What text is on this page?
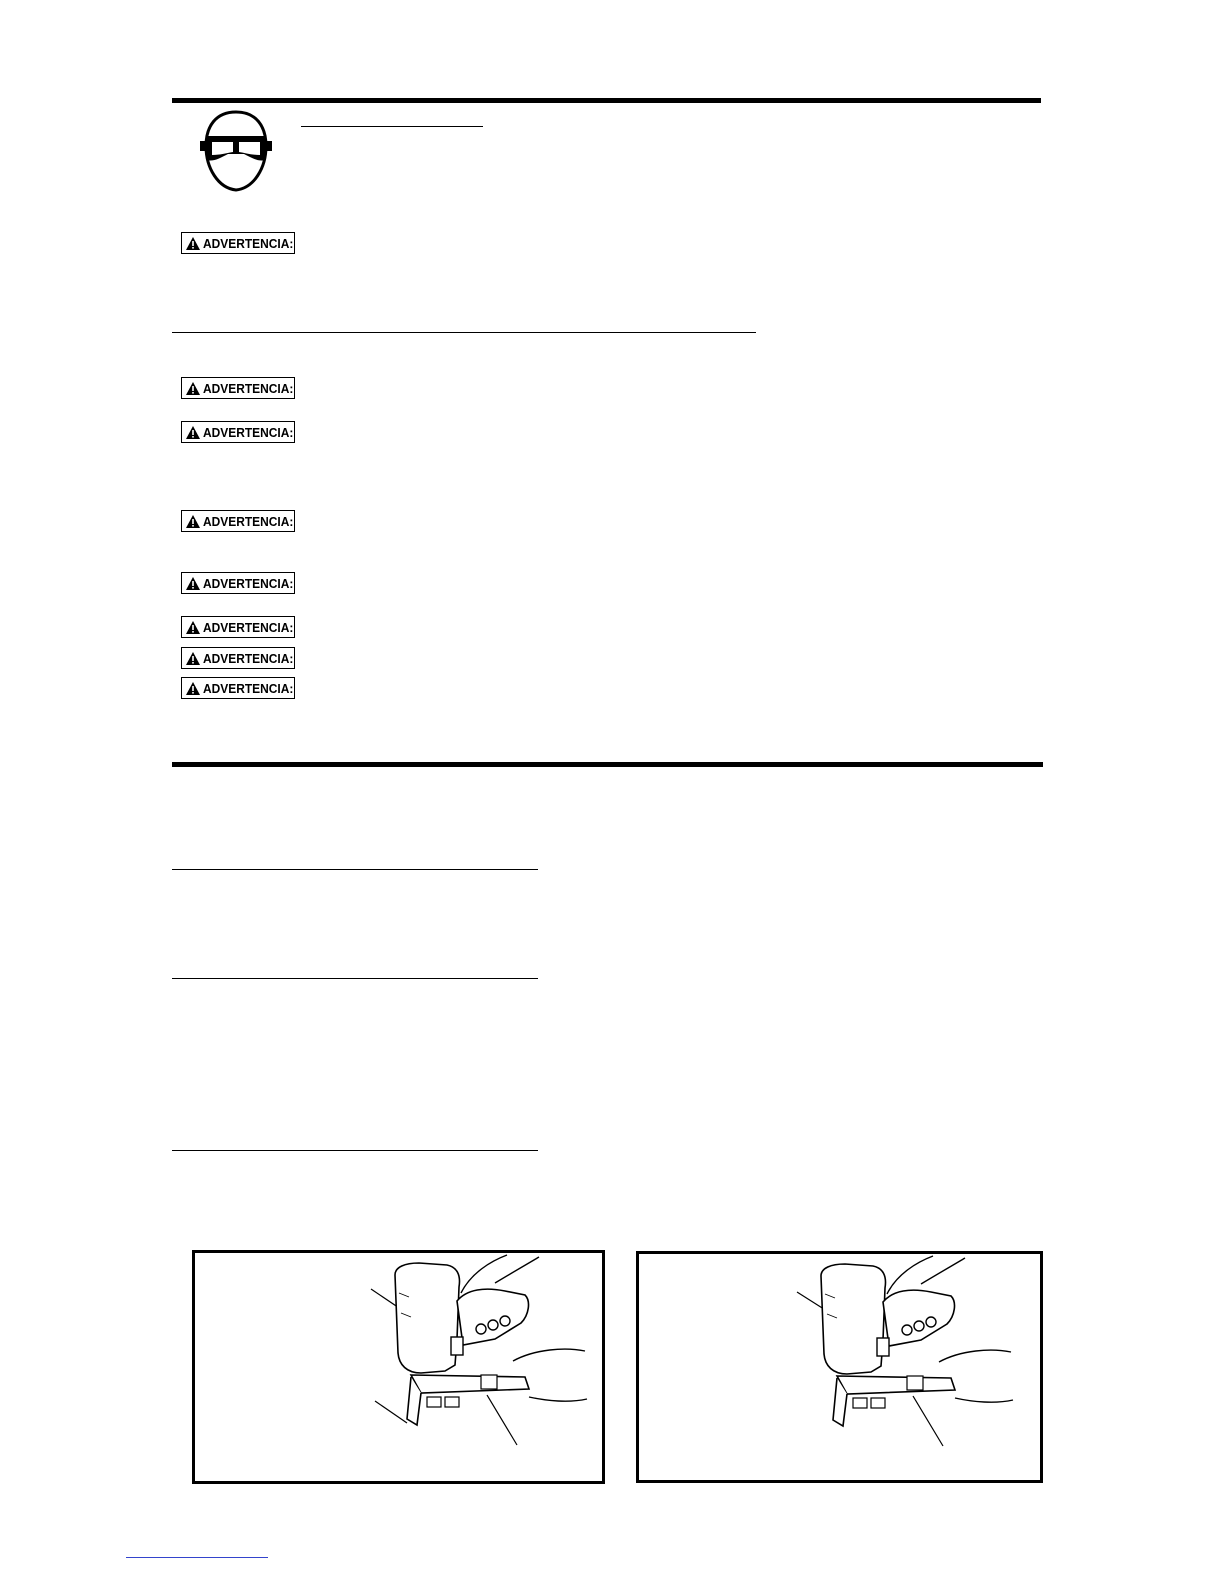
ADVERTENCIA:
ADVERTENCIA:
ADVERTENCIA:
ADVERTENCIA:
ADVERTENCIA:
ADVERTENCIA:
ADVERTENCIA:
ADVERTENCIA:
